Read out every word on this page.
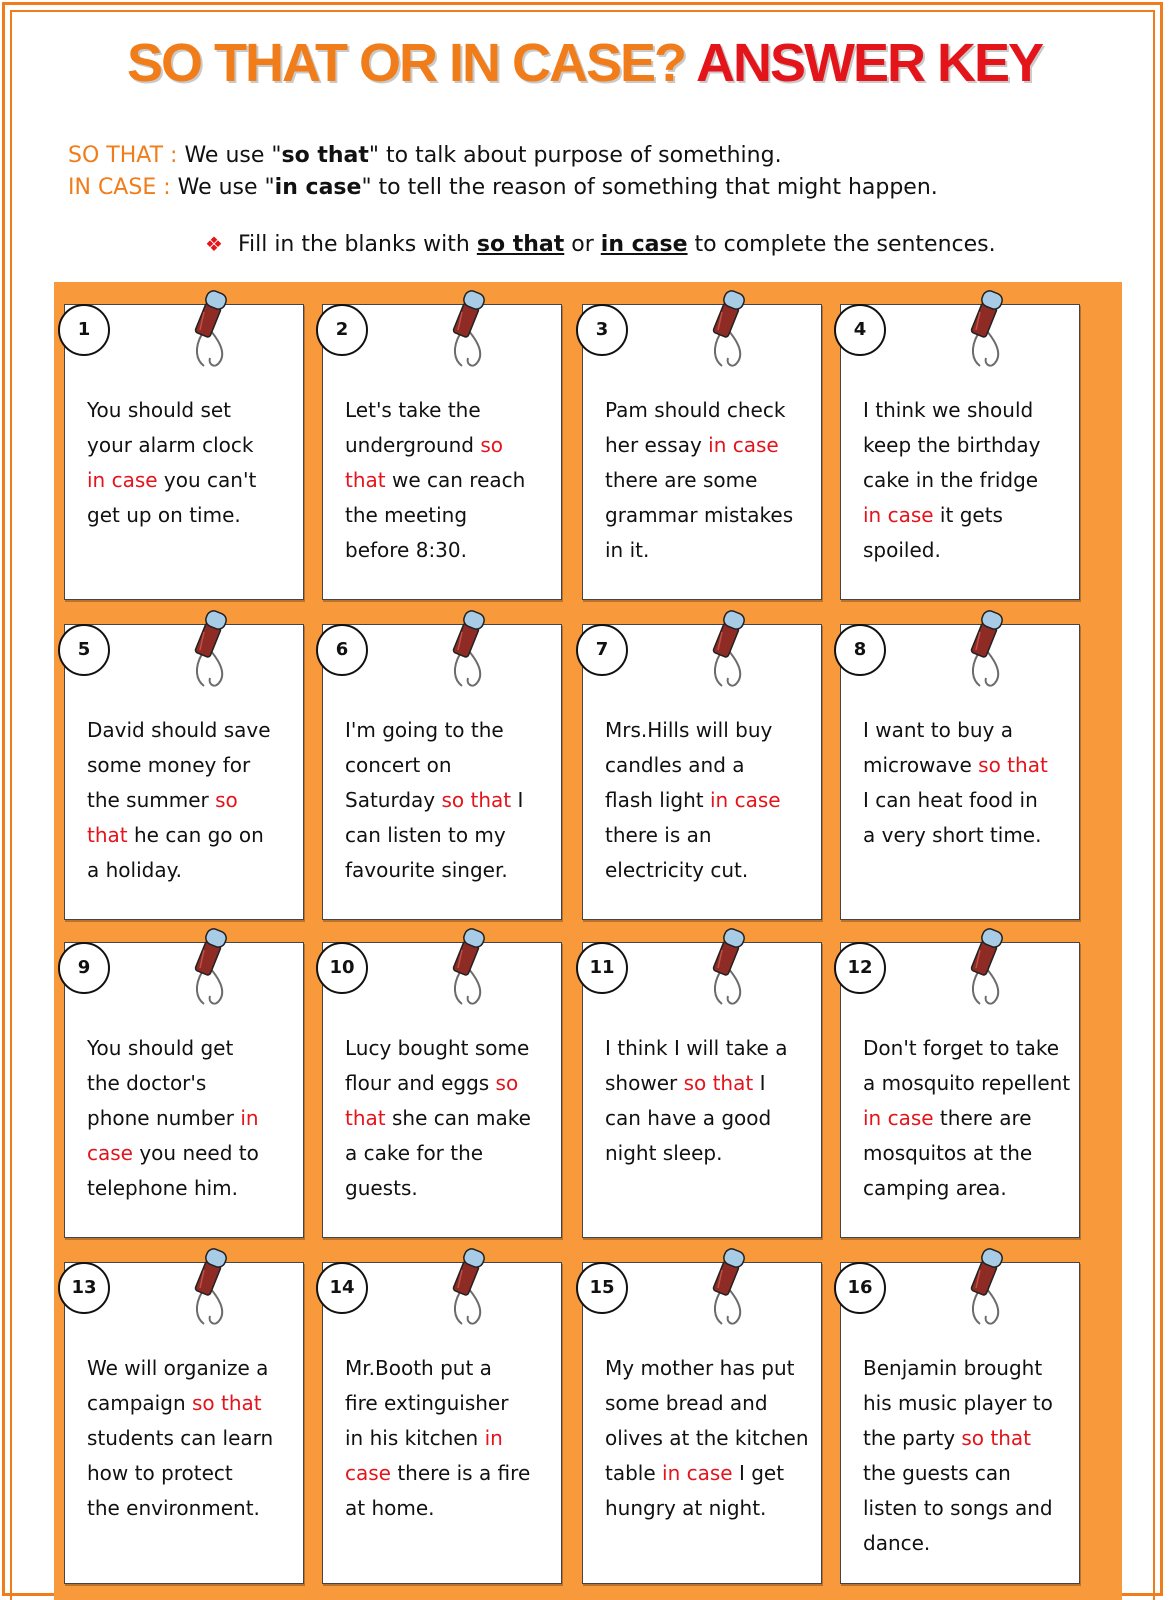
SO THAT OR IN CASE? ANSWER KEY
SO THAT : We use "so that" to talk about purpose of something.
IN CASE : We use "in case" to tell the reason of something that might happen.
❖ Fill in the blanks with so that or in case to complete the sentences.
You should set
your alarm clock
in case you can't
get up on time.
1
Let's take the
underground so
that we can reach
the meeting
before 8:30.
2
Pam should check
her essay in case
there are some
grammar mistakes
in it.
3
I think we should
keep the birthday
cake in the fridge
in case it gets
spoiled.
4
David should save
some money for
the summer so
that he can go on
a holiday.
5
I'm going to the
concert on
Saturday so that I
can listen to my
favourite singer.
6
Mrs.Hills will buy
candles and a
flash light in case
there is an
electricity cut.
7
I want to buy a
microwave so that
I can heat food in
a very short time.
8
You should get
the doctor's
phone number in
case you need to
telephone him.
9
Lucy bought some
flour and eggs so
that she can make
a cake for the
guests.
10
I think I will take a
shower so that I
can have a good
night sleep.
11
Don't forget to take
a mosquito repellent
in case there are
mosquitos at the
camping area.
12
We will organize a
campaign so that
students can learn
how to protect
the environment.
13
Mr.Booth put a
fire extinguisher
in his kitchen in
case there is a fire
at home.
14
My mother has put
some bread and
olives at the kitchen
table in case I get
hungry at night.
15
Benjamin brought
his music player to
the party so that
the guests can
listen to songs and
dance.
16
